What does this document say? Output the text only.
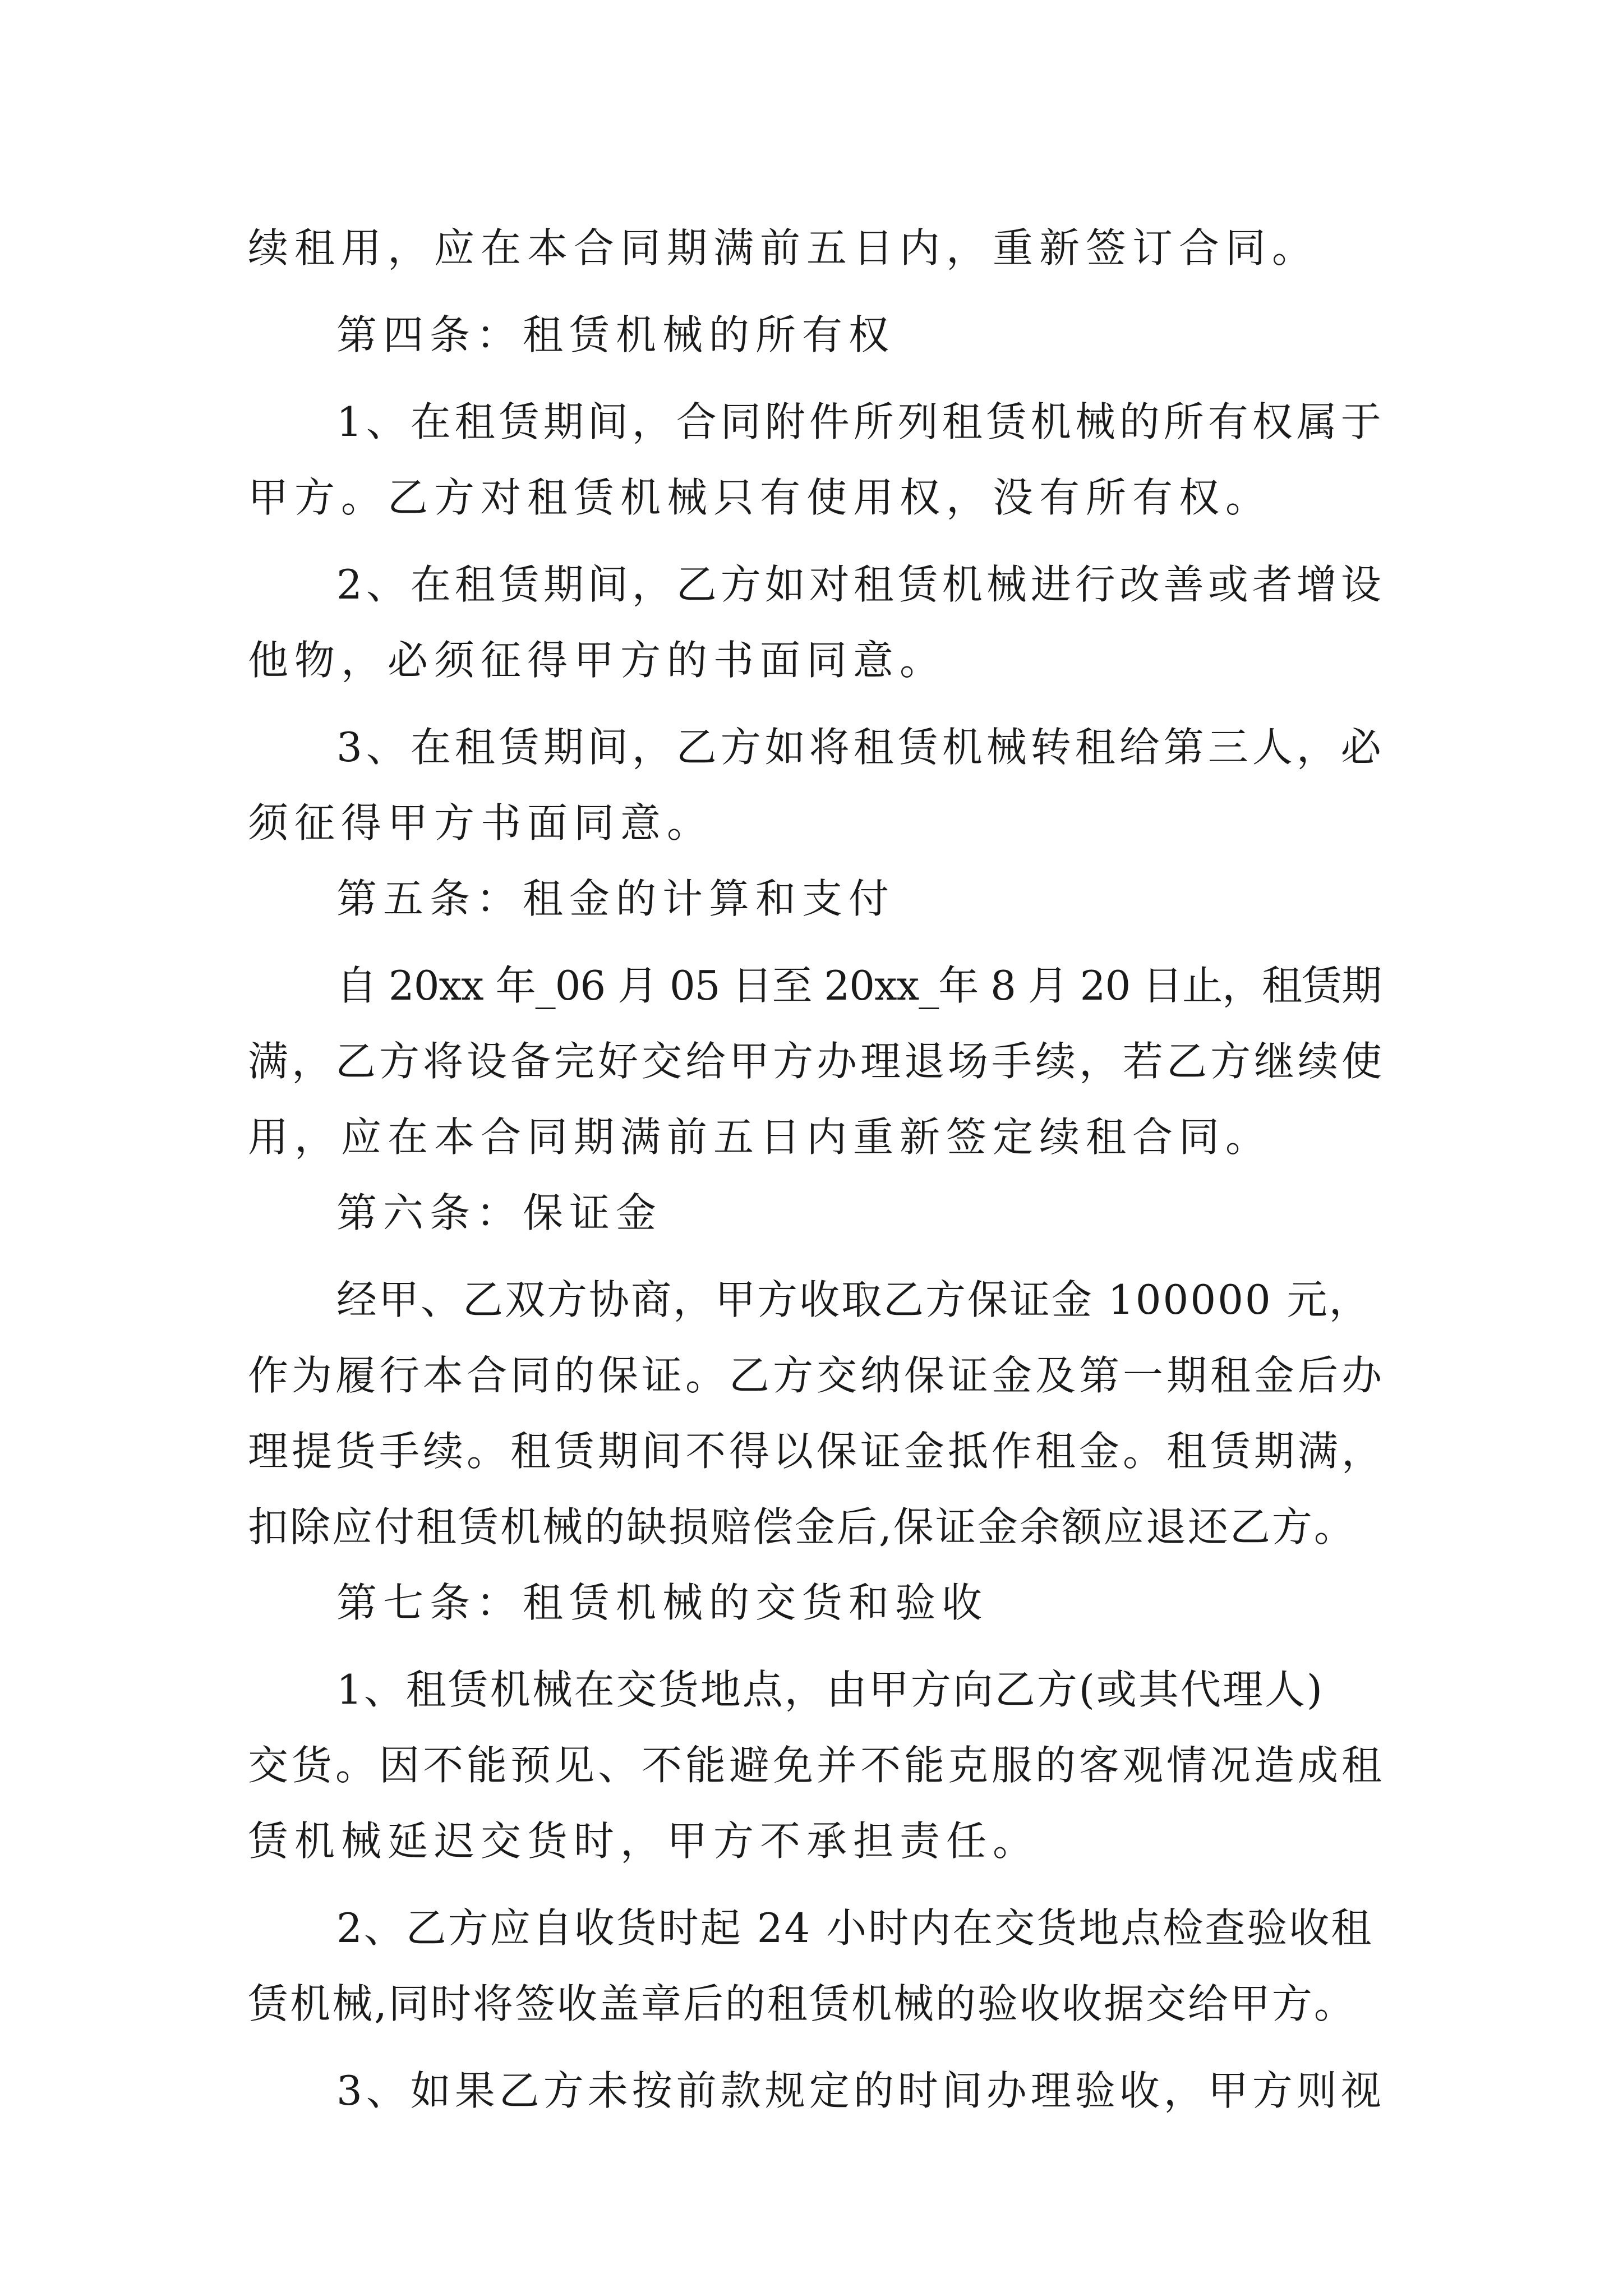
续租用，应在本合同期满前五日内，重新签订合同。
第四条：租赁机械的所有权
1、在租赁期间，合同附件所列租赁机械的所有权属于
甲方。乙方对租赁机械只有使用权，没有所有权。
2、在租赁期间，乙方如对租赁机械进行改善或者增设
他物，必须征得甲方的书面同意。
3、在租赁期间，乙方如将租赁机械转租给第三人，必
须征得甲方书面同意。
第五条：租金的计算和支付
自 20xx 年_06 月 05 日至 20xx_年 8 月 20 日止，租赁期
满，乙方将设备完好交给甲方办理退场手续，若乙方继续使
用，应在本合同期满前五日内重新签定续租合同。
第六条：保证金
经甲、乙双方协商，甲方收取乙方保证金 100000 元，
作为履行本合同的保证。乙方交纳保证金及第一期租金后办
理提货手续。租赁期间不得以保证金抵作租金。租赁期满，
扣除应付租赁机械的缺损赔偿金后,保证金余额应退还乙方。
第七条：租赁机械的交货和验收
1、租赁机械在交货地点，由甲方向乙方(或其代理人)
交货。因不能预见、不能避免并不能克服的客观情况造成租
赁机械延迟交货时，甲方不承担责任。
2、乙方应自收货时起 24 小时内在交货地点检查验收租
赁机械,同时将签收盖章后的租赁机械的验收收据交给甲方。
3、如果乙方未按前款规定的时间办理验收，甲方则视
